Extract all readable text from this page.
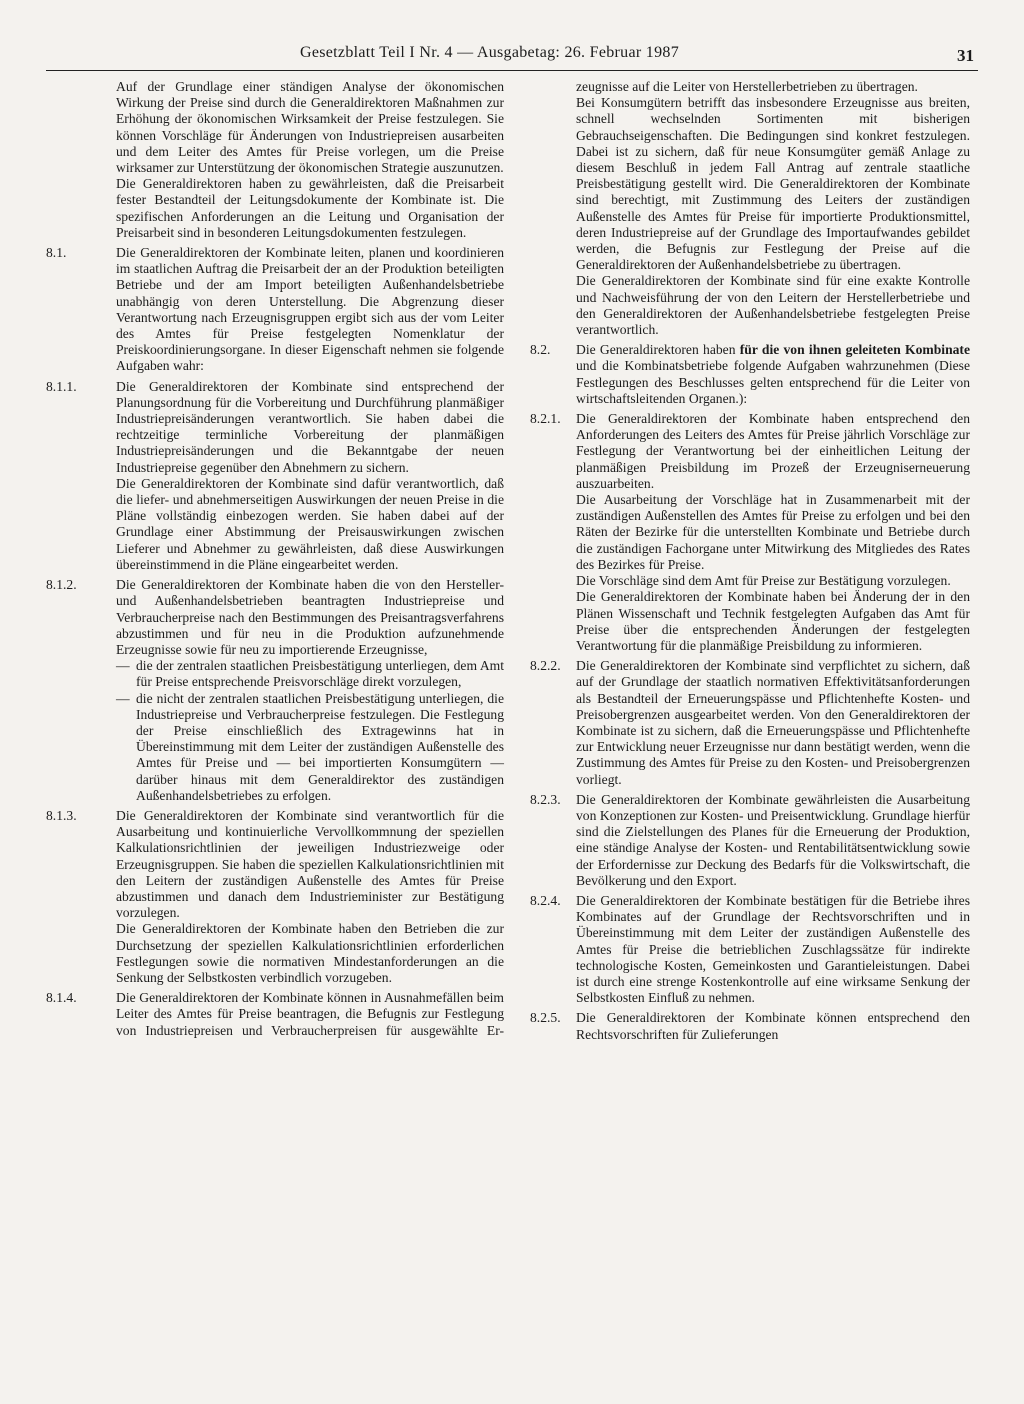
Gesetzblatt Teil I Nr. 4 — Ausgabetag: 26. Februar 1987	31

Auf der Grundlage einer ständigen Analyse der ökonomischen Wirkung der Preise sind durch die Generaldirektoren Maßnahmen zur Erhöhung der ökonomischen Wirksamkeit der Preise festzulegen. Sie können Vorschläge für Änderungen von Industriepreisen ausarbeiten und dem Leiter des Amtes für Preise vorlegen, um die Preise wirksamer zur Unterstützung der ökonomischen Strategie auszunutzen.

Die Generaldirektoren haben zu gewährleisten, daß die Preisarbeit fester Bestandteil der Leitungsdokumente der Kombinate ist. Die spezifischen Anforderungen an die Leitung und Organisation der Preisarbeit sind in besonderen Leitungsdokumenten festzulegen.

8.1.	Die Generaldirektoren der Kombinate leiten, planen und koordinieren im staatlichen Auftrag die Preisarbeit der an der Produktion beteiligten Betriebe und der am Import beteiligten Außenhandelsbetriebe unabhängig von deren Unterstellung. Die Abgrenzung dieser Verantwortung nach Erzeugnisgruppen ergibt sich aus der vom Leiter des Amtes für Preise festgelegten Nomenklatur der Preiskoordinierungsorgane. In dieser Eigenschaft nehmen sie folgende Aufgaben wahr:

8.1.1.	Die Generaldirektoren der Kombinate sind entsprechend der Planungsordnung für die Vorbereitung und Durchführung planmäßiger Industriepreisänderungen verantwortlich. Sie haben dabei die rechtzeitige terminliche Vorbereitung der planmäßigen Industriepreisänderungen und die Bekanntgabe der neuen Industriepreise gegenüber den Abnehmern zu sichern.

Die Generaldirektoren der Kombinate sind dafür verantwortlich, daß die liefer- und abnehmerseitigen Auswirkungen der neuen Preise in die Pläne vollständig einbezogen werden. Sie haben dabei auf der Grundlage einer Abstimmung der Preisauswirkungen zwischen Lieferer und Abnehmer zu gewährleisten, daß diese Auswirkungen übereinstimmend in die Pläne eingearbeitet werden.

8.1.2.	Die Generaldirektoren der Kombinate haben die von den Hersteller- und Außenhandelsbetrieben beantragten Industriepreise und Verbraucherpreise nach den Bestimmungen des Preisantragsverfahrens abzustimmen und für neu in die Produktion aufzunehmende Erzeugnisse sowie für neu zu importierende Erzeugnisse,

— die der zentralen staatlichen Preisbestätigung unterliegen, dem Amt für Preise entsprechende Preisvorschläge direkt vorzulegen,

— die nicht der zentralen staatlichen Preisbestätigung unterliegen, die Industriepreise und Verbraucherpreise festzulegen. Die Festlegung der Preise einschließlich des Extragewinns hat in Übereinstimmung mit dem Leiter der zuständigen Außenstelle des Amtes für Preise und — bei importierten Konsumgütern — darüber hinaus mit dem Generaldirektor des zuständigen Außenhandelsbetriebes zu erfolgen.

8.1.3.	Die Generaldirektoren der Kombinate sind verantwortlich für die Ausarbeitung und kontinuierliche Vervollkommnung der speziellen Kalkulationsrichtlinien der jeweiligen Industriezweige oder Erzeugnisgruppen. Sie haben die speziellen Kalkulationsrichtlinien mit den Leitern der zuständigen Außenstelle des Amtes für Preise abzustimmen und danach dem Industrieminister zur Bestätigung vorzulegen.

Die Generaldirektoren der Kombinate haben den Betrieben die zur Durchsetzung der speziellen Kalkulationsrichtlinien erforderlichen Festlegungen sowie die normativen Mindestanforderungen an die Senkung der Selbstkosten verbindlich vorzugeben.

8.1.4.	Die Generaldirektoren der Kombinate können in Ausnahmefällen beim Leiter des Amtes für Preise beantragen, die Befugnis zur Festlegung von Industriepreisen und Verbraucherpreisen für ausgewählte Er-

zeugnisse auf die Leiter von Herstellerbetrieben zu übertragen.

Bei Konsumgütern betrifft das insbesondere Erzeugnisse aus breiten, schnell wechselnden Sortimenten mit bisherigen Gebrauchseigenschaften. Die Bedingungen sind konkret festzulegen. Dabei ist zu sichern, daß für neue Konsumgüter gemäß Anlage zu diesem Beschluß in jedem Fall Antrag auf zentrale staatliche Preisbestätigung gestellt wird. Die Generaldirektoren der Kombinate sind berechtigt, mit Zustimmung des Leiters der zuständigen Außenstelle des Amtes für Preise für importierte Produktionsmittel, deren Industriepreise auf der Grundlage des Importaufwandes gebildet werden, die Befugnis zur Festlegung der Preise auf die Generaldirektoren der Außenhandelsbetriebe zu übertragen.

Die Generaldirektoren der Kombinate sind für eine exakte Kontrolle und Nachweisführung der von den Leitern der Herstellerbetriebe und den Generaldirektoren der Außenhandelsbetriebe festgelegten Preise verantwortlich.

8.2.	Die Generaldirektoren haben für die von ihnen geleiteten Kombinate und die Kombinatsbetriebe folgende Aufgaben wahrzunehmen (Diese Festlegungen des Beschlusses gelten entsprechend für die Leiter von wirtschaftsleitenden Organen.):

8.2.1.	Die Generaldirektoren der Kombinate haben entsprechend den Anforderungen des Leiters des Amtes für Preise jährlich Vorschläge zur Festlegung der Verantwortung bei der einheitlichen Leitung der planmäßigen Preisbildung im Prozeß der Erzeugniserneuerung auszuarbeiten.

Die Ausarbeitung der Vorschläge hat in Zusammenarbeit mit der zuständigen Außenstellen des Amtes für Preise zu erfolgen und bei den Räten der Bezirke für die unterstellten Kombinate und Betriebe durch die zuständigen Fachorgane unter Mitwirkung des Mitgliedes des Rates des Bezirkes für Preise.

Die Vorschläge sind dem Amt für Preise zur Bestätigung vorzulegen.

Die Generaldirektoren der Kombinate haben bei Änderung der in den Plänen Wissenschaft und Technik festgelegten Aufgaben das Amt für Preise über die entsprechenden Änderungen der festgelegten Verantwortung für die planmäßige Preisbildung zu informieren.

8.2.2.	Die Generaldirektoren der Kombinate sind verpflichtet zu sichern, daß auf der Grundlage der staatlich normativen Effektivitätsanforderungen als Bestandteil der Erneuerungspässe und Pflichtenhefte Kosten- und Preisobergrenzen ausgearbeitet werden. Von den Generaldirektoren der Kombinate ist zu sichern, daß die Erneuerungspässe und Pflichtenhefte zur Entwicklung neuer Erzeugnisse nur dann bestätigt werden, wenn die Zustimmung des Amtes für Preise zu den Kosten- und Preisobergrenzen vorliegt.

8.2.3.	Die Generaldirektoren der Kombinate gewährleisten die Ausarbeitung von Konzeptionen zur Kosten- und Preisentwicklung. Grundlage hierfür sind die Zielstellungen des Planes für die Erneuerung der Produktion, eine ständige Analyse der Kosten- und Rentabilitätsentwicklung sowie der Erfordernisse zur Deckung des Bedarfs für die Volkswirtschaft, die Bevölkerung und den Export.

8.2.4.	Die Generaldirektoren der Kombinate bestätigen für die Betriebe ihres Kombinates auf der Grundlage der Rechtsvorschriften und in Übereinstimmung mit dem Leiter der zuständigen Außenstelle des Amtes für Preise die betrieblichen Zuschlagssätze für indirekte technologische Kosten, Gemeinkosten und Garantieleistungen. Dabei ist durch eine strenge Kostenkontrolle auf eine wirksame Senkung der Selbstkosten Einfluß zu nehmen.

8.2.5.	Die Generaldirektoren der Kombinate können entsprechend den Rechtsvorschriften für Zulieferungen
